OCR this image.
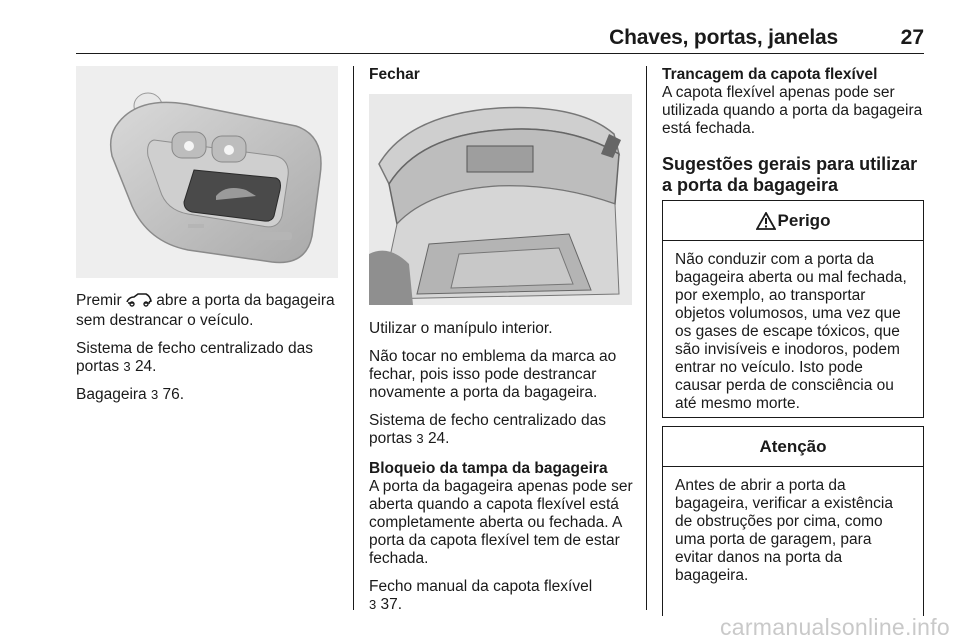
Chaves, portas, janelas	27

Premir  abre a porta da bagageira sem destrancar o veículo.

Sistema de fecho centralizado das portas 3 24.

Bagageira 3 76.

Fechar

Utilizar o manípulo interior.

Não tocar no emblema da marca ao fechar, pois isso pode destrancar novamente a porta da bagageira.

Sistema de fecho centralizado das portas 3 24.

Bloqueio da tampa da bagageira

A porta da bagageira apenas pode ser aberta quando a capota flexível está completamente aberta ou fechada. A porta da capota flexível tem de estar fechada.

Fecho manual da capota flexível
3 37.

Trancagem da capota flexível

A capota flexível apenas pode ser utilizada quando a porta da bagageira está fechada.

Sugestões gerais para utilizar a porta da bagageira
Perigo
Não conduzir com a porta da bagageira aberta ou mal fechada, por exemplo, ao transportar objetos volumosos, uma vez que os gases de escape tóxicos, que são invisíveis e inodoros, podem entrar no veículo. Isto pode causar perda de consciência ou até mesmo morte.
Atenção
Antes de abrir a porta da bagageira, verificar a existência de obstruções por cima, como uma porta de garagem, para evitar danos na porta da bagageira.
carmanualsonline.info
